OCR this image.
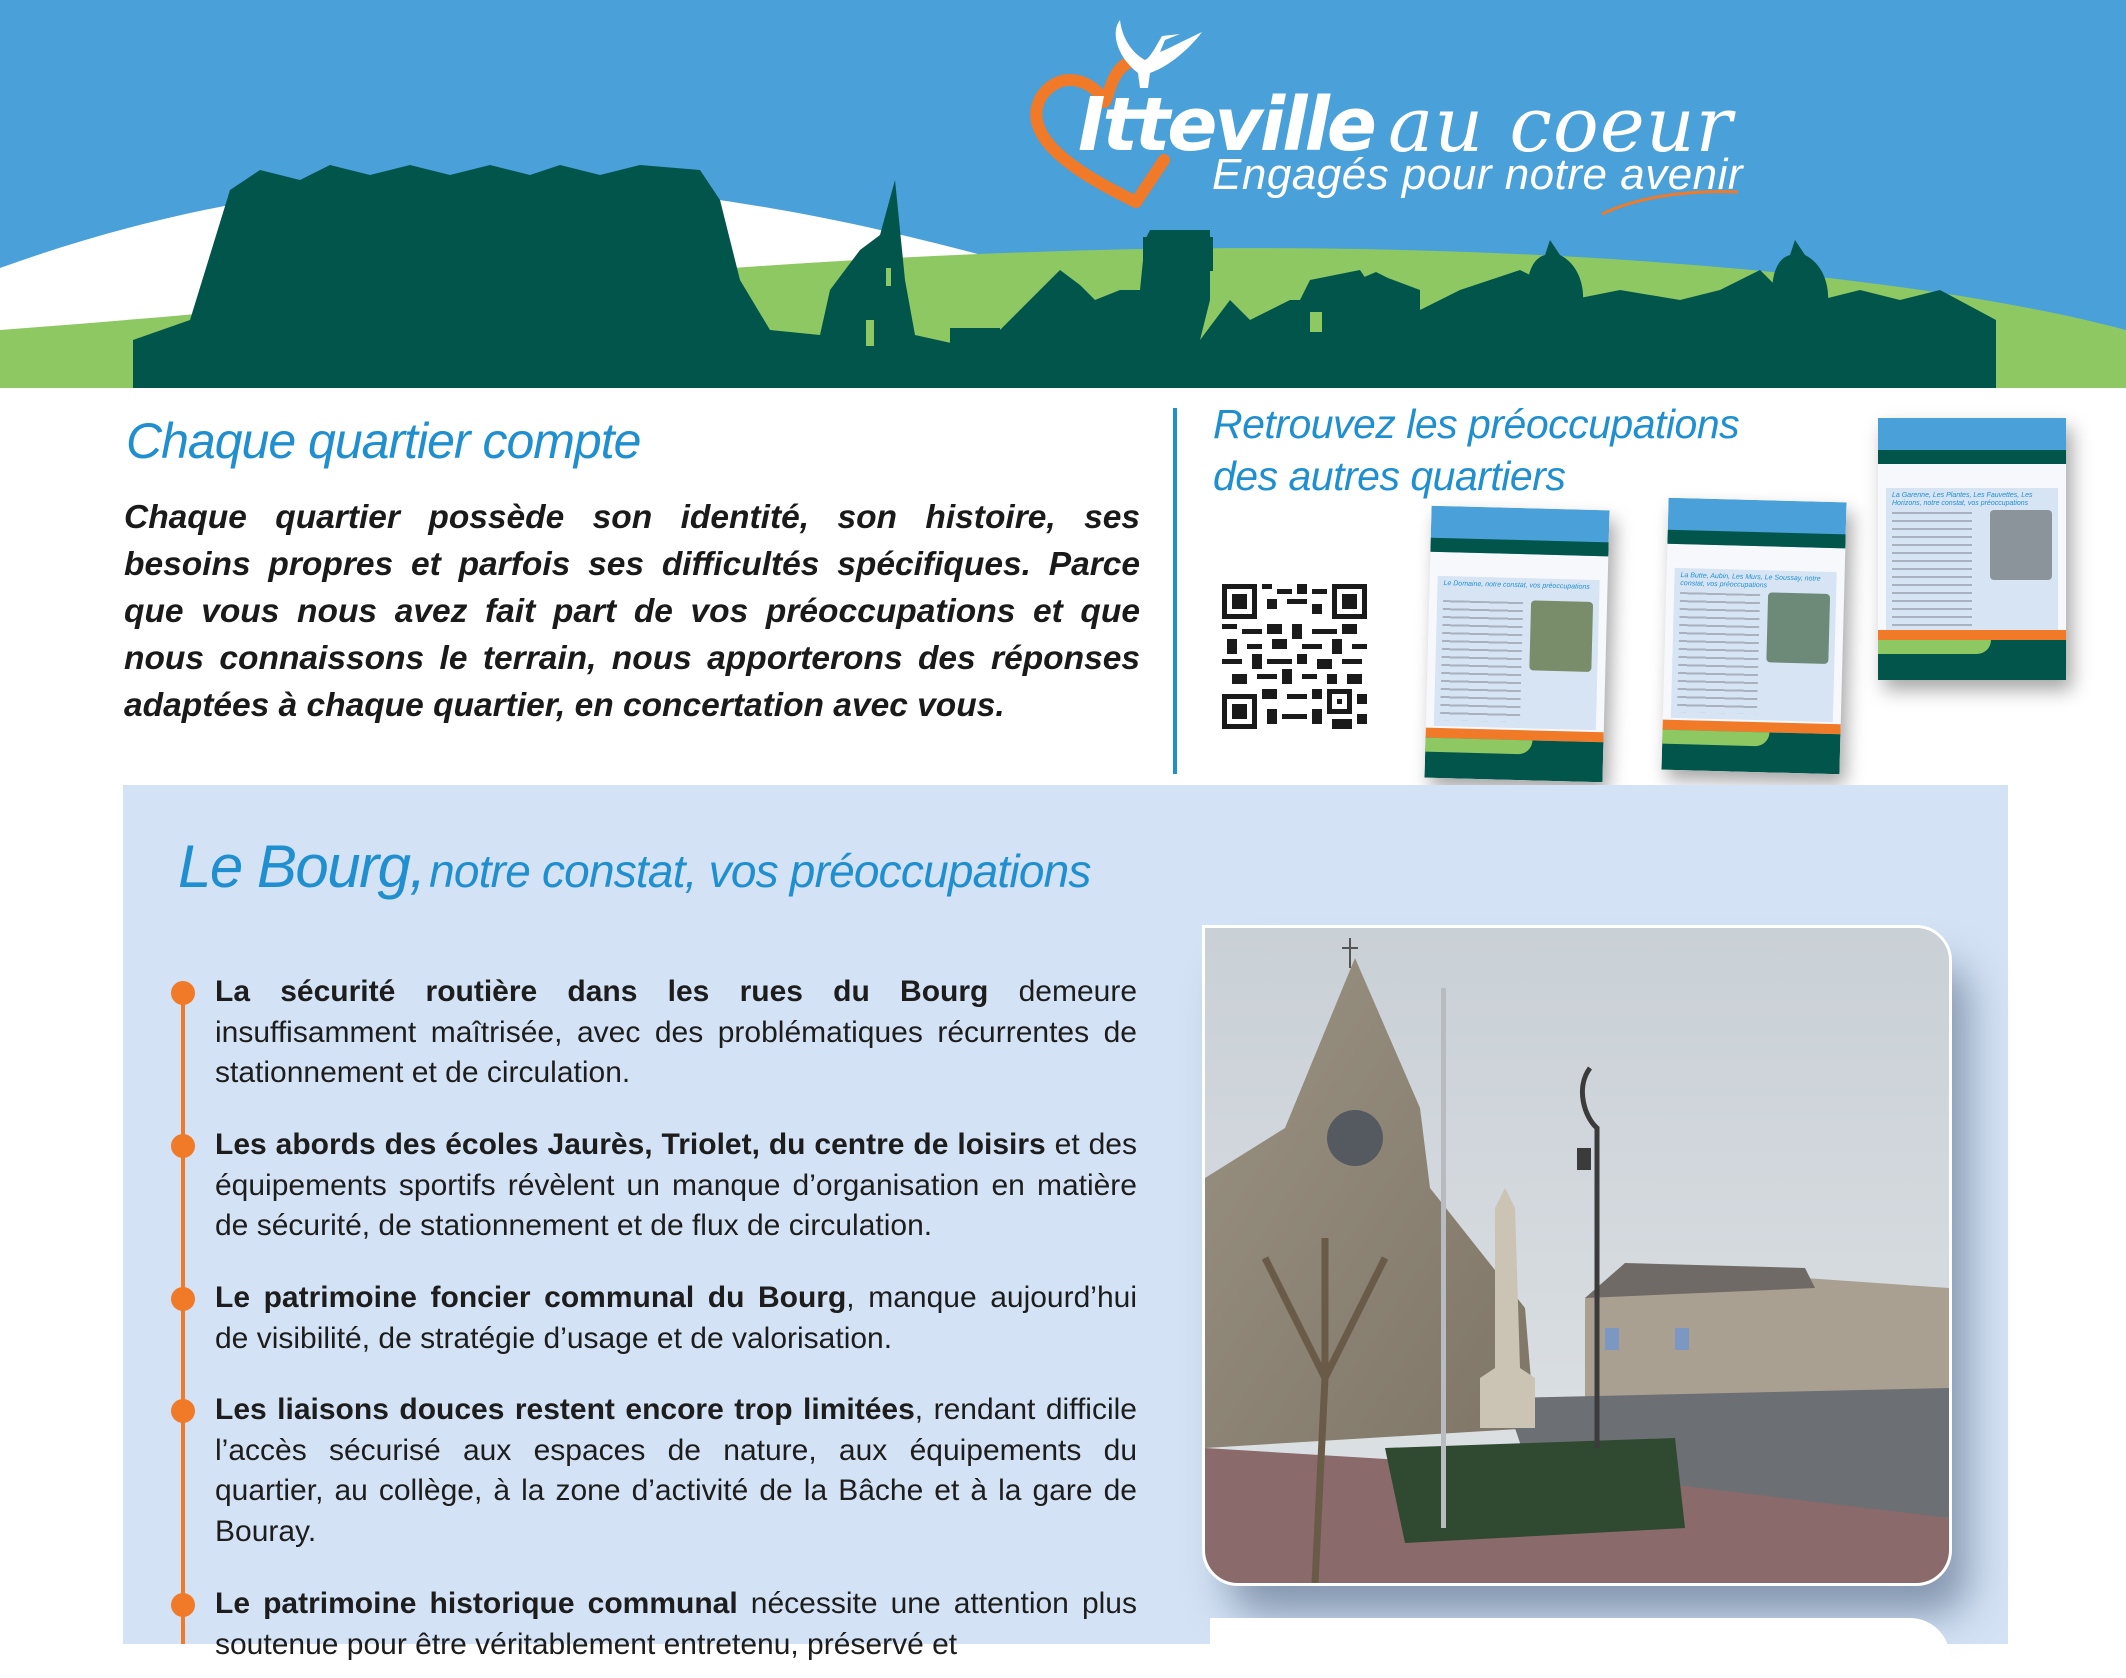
Itteville au coeur
Engagés pour notre avenir
Chaque quartier compte
Chaque quartier possède son identité, son histoire, ses besoins propres et parfois ses difficultés spécifiques. Parce que vous nous avez fait part de vos préoccupations et que nous connaissons le terrain, nous apporterons des réponses adaptées à chaque quartier, en concertation avec vous.
Retrouvez les préoccupations
des autres quartiers
Le Domaine, notre constat, vos préoccupations
La Butte, Aubin, Les Murs, Le Soussay, notre constat, vos préoccupations
La Garenne, Les Plantes, Les Fauvettes, Les Horizons, notre constat, vos préoccupations
Le Bourg, notre constat, vos préoccupations
La sécurité routière dans les rues du Bourg demeure insuffisamment maîtrisée, avec des problématiques récurrentes de stationnement et de circulation.
Les abords des écoles Jaurès, Triolet, du centre de loisirs et des équipements sportifs révèlent un manque d’organisation en matière de sécurité, de stationnement et de flux de circulation.
Le patrimoine foncier communal du Bourg, manque aujourd’hui de visibilité, de stratégie d’usage et de valorisation.
Les liaisons douces restent encore trop limitées, rendant difficile l’accès sécurisé aux espaces de nature, aux équipements du quartier, au collège, à la zone d’activité de la Bâche et à la gare de Bouray.
Le patrimoine historique communal nécessite une attention plus soutenue pour être véritablement entretenu, préservé et
